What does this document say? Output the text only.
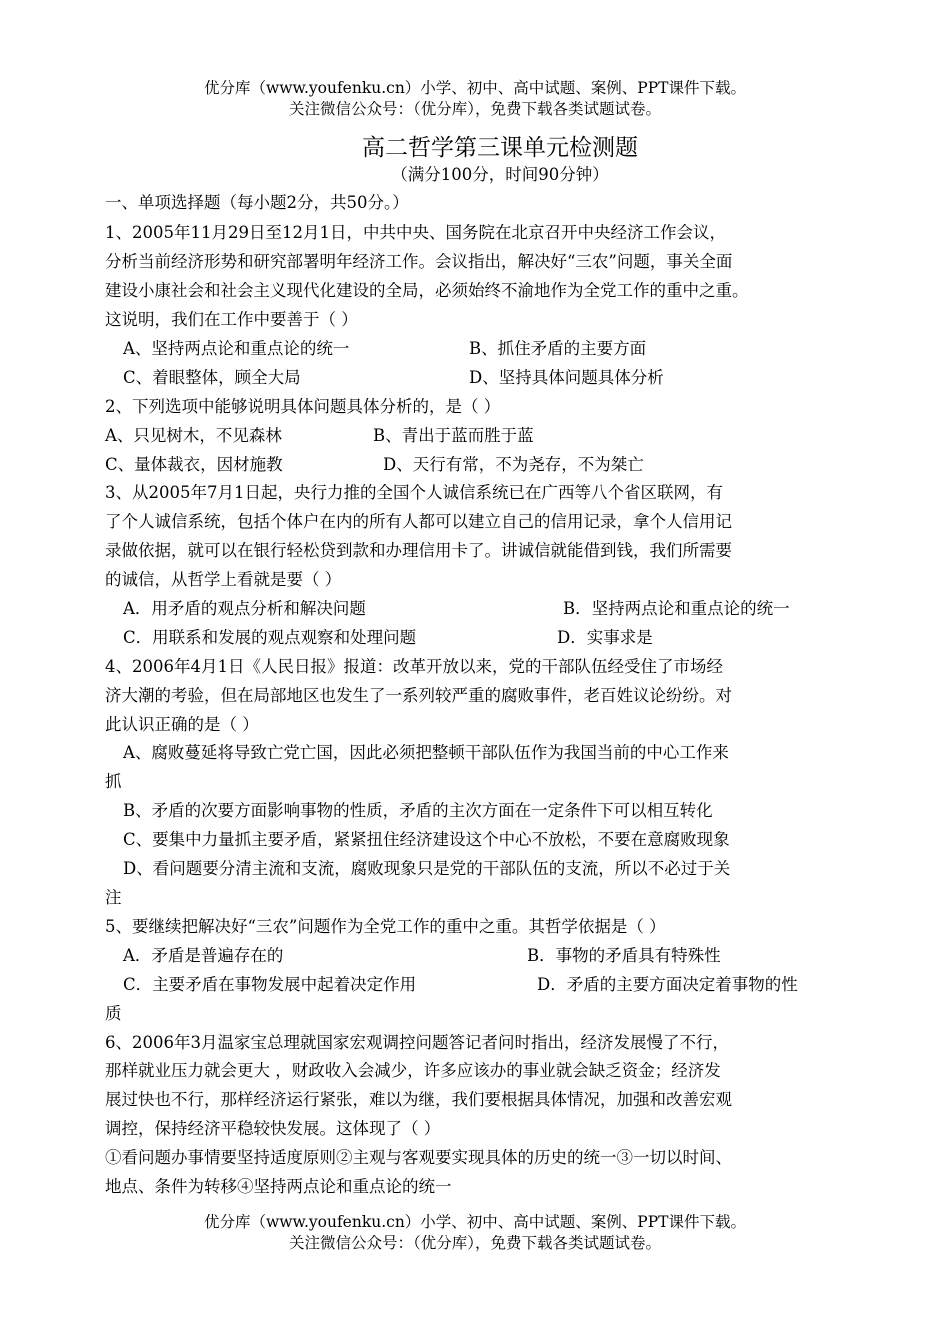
优分库（www.youfenku.cn）小学、初中、高中试题、案例、PPT课件下载。
关注微信公众号：（优分库），免费下载各类试题试卷。
高二哲学第三课单元检测题
（满分100分，时间90分钟）
一、单项选择题（每小题2分，共50分。）
1、2005年11月29日至12月1日，中共中央、国务院在北京召开中央经济工作会议，
分析当前经济形势和研究部署明年经济工作。会议指出，解决好“三农”问题，事关全面
建设小康社会和社会主义现代化建设的全局，必须始终不渝地作为全党工作的重中之重。
这说明，我们在工作中要善于（ ）
A、坚持两点论和重点论的统一	B、抓住矛盾的主要方面
C、着眼整体，顾全大局	D、坚持具体问题具体分析
2、下列选项中能够说明具体问题具体分析的，是（ ）
A、只见树木，不见森林	B、青出于蓝而胜于蓝
C、量体裁衣，因材施教	D、天行有常，不为尧存，不为桀亡
3、从2005年7月1日起，央行力推的全国个人诚信系统已在广西等八个省区联网，有
了个人诚信系统，包括个体户在内的所有人都可以建立自己的信用记录，拿个人信用记
录做依据，就可以在银行轻松贷到款和办理信用卡了。讲诚信就能借到钱，我们所需要
的诚信，从哲学上看就是要（ ）
A．用矛盾的观点分析和解决问题	B．坚持两点论和重点论的统一
C．用联系和发展的观点观察和处理问题	D．实事求是
4、2006年4月1日《人民日报》报道：改革开放以来，党的干部队伍经受住了市场经
济大潮的考验，但在局部地区也发生了一系列较严重的腐败事件，老百姓议论纷纷。对
此认识正确的是（ ）
A、腐败蔓延将导致亡党亡国，因此必须把整顿干部队伍作为我国当前的中心工作来
抓
B、矛盾的次要方面影响事物的性质，矛盾的主次方面在一定条件下可以相互转化
C、要集中力量抓主要矛盾，紧紧扭住经济建设这个中心不放松，不要在意腐败现象
D、看问题要分清主流和支流，腐败现象只是党的干部队伍的支流，所以不必过于关
注
5、要继续把解决好“三农”问题作为全党工作的重中之重。其哲学依据是（ ）
A．矛盾是普遍存在的	B．事物的矛盾具有特殊性
C．主要矛盾在事物发展中起着决定作用	D．矛盾的主要方面决定着事物的性
质
6、2006年3月温家宝总理就国家宏观调控问题答记者问时指出，经济发展慢了不行，
那样就业压力就会更大 ，财政收入会减少，许多应该办的事业就会缺乏资金；经济发
展过快也不行，那样经济运行紧张，难以为继，我们要根据具体情况，加强和改善宏观
调控，保持经济平稳较快发展。这体现了（ ）
①看问题办事情要坚持适度原则②主观与客观要实现具体的历史的统一③一切以时间、
地点、条件为转移④坚持两点论和重点论的统一
优分库（www.youfenku.cn）小学、初中、高中试题、案例、PPT课件下载。
关注微信公众号：（优分库），免费下载各类试题试卷。
